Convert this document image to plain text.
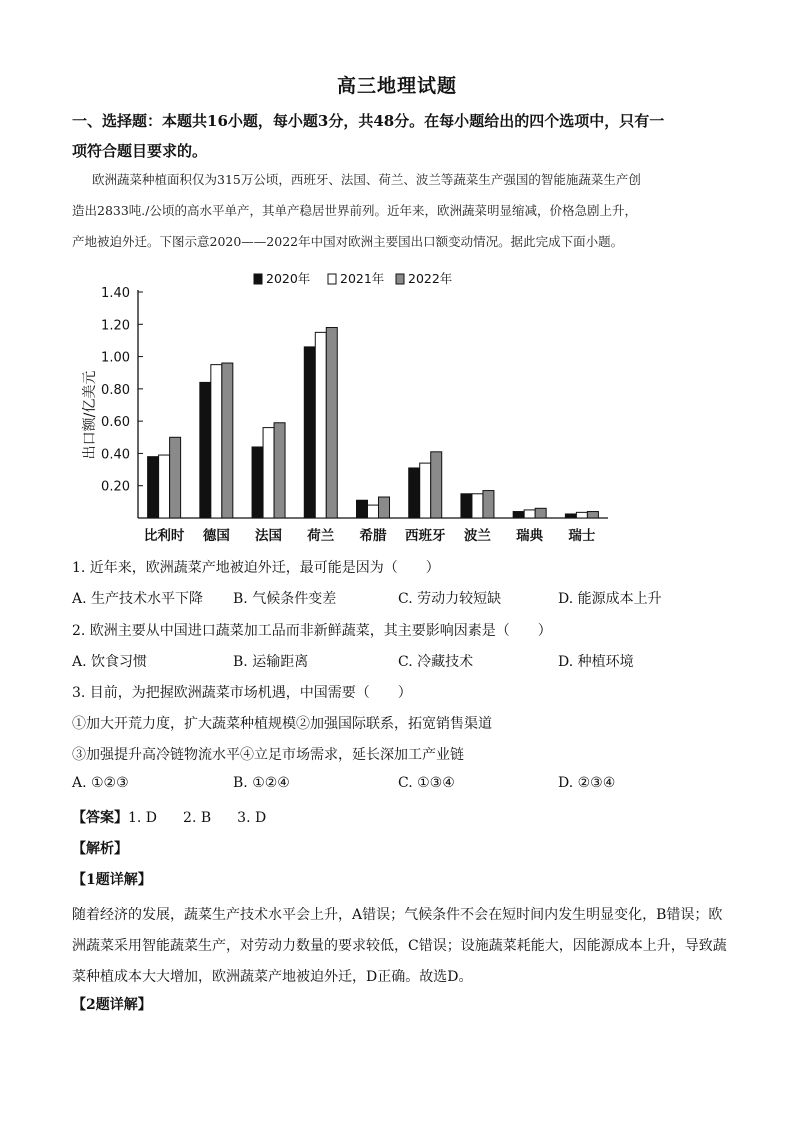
高三地理试题
一、选择题：本题共16小题，每小题3分，共48分。在每小题给出的四个选项中，只有一
项符合题目要求的。
欧洲蔬菜种植面积仅为315万公顷，西班牙、法国、荷兰、波兰等蔬菜生产强国的智能施蔬菜生产创
造出2833吨./公顷的高水平单产，其单产稳居世界前列。近年来，欧洲蔬菜明显缩减，价格急剧上升，
产地被迫外迁。下图示意2020——2022年中国对欧洲主要国出口额变动情况。据此完成下面小题。
0.20
0.40
0.60
0.80
1.00
1.20
1.40
出口额/亿美元
2020年 2021年 2022年
比利时 德国 法国 荷兰 希腊 西班牙 波兰 瑞典 瑞士
1. 近年来，欧洲蔬菜产地被迫外迁，最可能是因为（　　）
A. 生产技术水平下降 B. 气候条件变差	C. 劳动力较短缺	D. 能源成本上升
2. 欧洲主要从中国进口蔬菜加工品而非新鲜蔬菜，其主要影响因素是（　　）
A. 饮食习惯	B. 运输距离	C. 冷藏技术	D. 种植环境
3. 目前，为把握欧洲蔬菜市场机遇，中国需要（　　）
①加大开荒力度，扩大蔬菜种植规模②加强国际联系，拓宽销售渠道
③加强提升高冷链物流水平④立足市场需求，延长深加工产业链
A. ①②③	B. ①②④	C. ①③④	D. ②③④
【答案】1. D 2. B 3. D
【解析】
【1题详解】
随着经济的发展，蔬菜生产技术水平会上升，A错误；气候条件不会在短时间内发生明显变化，B错误；欧洲蔬菜采用智能蔬菜生产，对劳动力数量的要求较低，C错误；设施蔬菜耗能大，因能源成本上升，导致蔬菜种植成本大大增加，欧洲蔬菜产地被迫外迁，D正确。故选D。
【2题详解】
